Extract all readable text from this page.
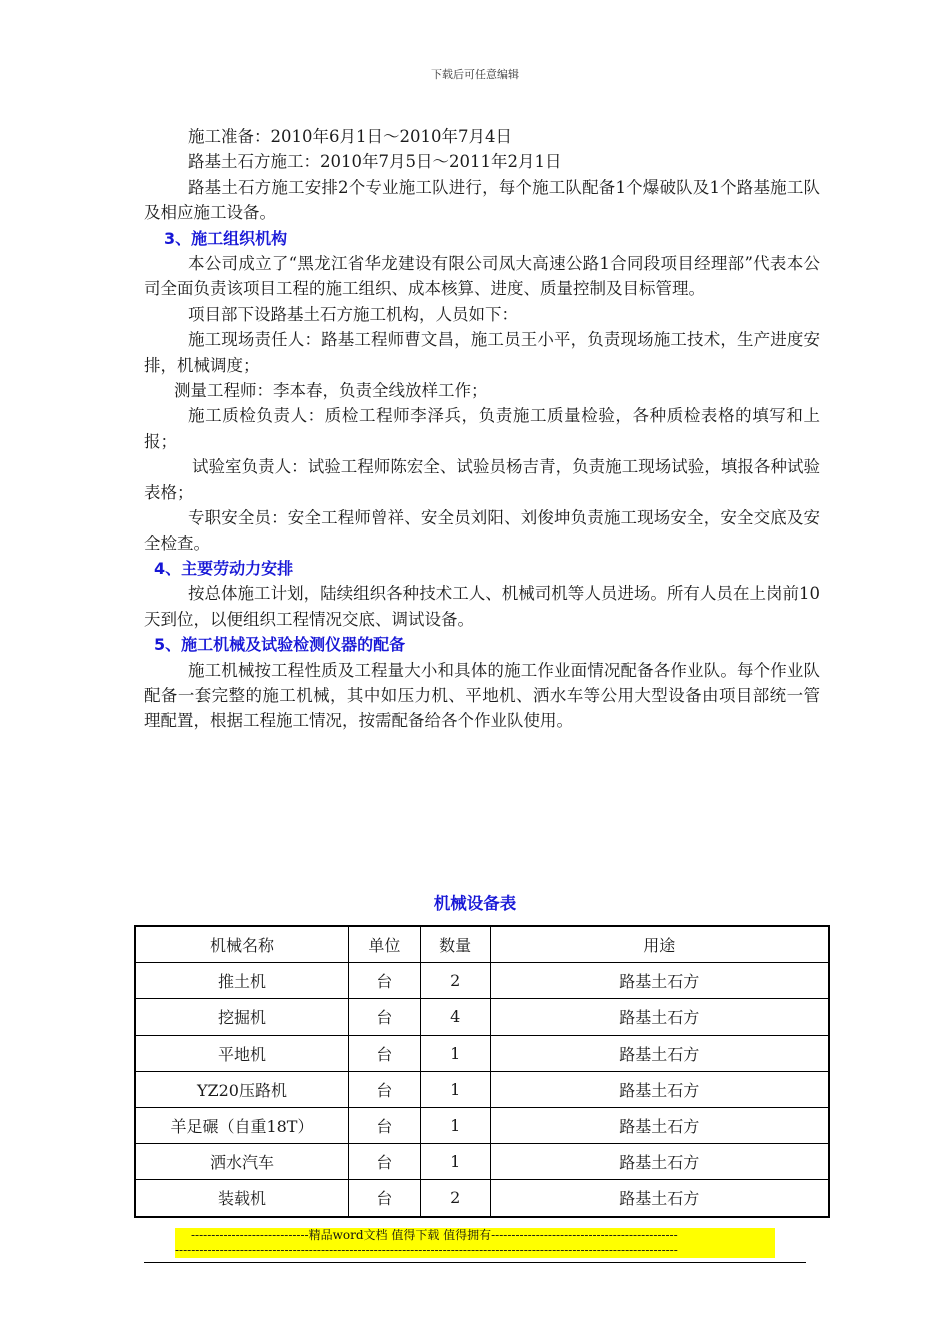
下载后可任意编辑

施工准备：2010年6月1日～2010年7月4日

路基土石方施工：2010年7月5日～2011年2月1日

路基土石方施工安排2个专业施工队进行，每个施工队配备1个爆破队及1个路基施工队及相应施工设备。

3、施工组织机构

本公司成立了“黑龙江省华龙建设有限公司凤大高速公路1合同段项目经理部”代表本公司全面负责该项目工程的施工组织、成本核算、进度、质量控制及目标管理。

项目部下设路基土石方施工机构，人员如下：

施工现场责任人：路基工程师曹文昌，施工员王小平，负责现场施工技术，生产进度安排，机械调度；

测量工程师：李本春，负责全线放样工作；

施工质检负责人：质检工程师李泽兵，负责施工质量检验，各种质检表格的填写和上报；

试验室负责人：试验工程师陈宏全、试验员杨吉青，负责施工现场试验，填报各种试验表格；

专职安全员：安全工程师曾祥、安全员刘阳、刘俊坤负责施工现场安全，安全交底及安全检查。

4、主要劳动力安排

按总体施工计划，陆续组织各种技术工人、机械司机等人员进场。所有人员在上岗前10天到位，以便组织工程情况交底、调试设备。

5、施工机械及试验检测仪器的配备

施工机械按工程性质及工程量大小和具体的施工作业面情况配备各作业队。每个作业队配备一套完整的施工机械，其中如压力机、平地机、洒水车等公用大型设备由项目部统一管理配置，根据工程施工情况，按需配备给各个作业队使用。

机械设备表
机械名称	单位	数量	用途
推土机	台	2	路基土石方
挖掘机	台	4	路基土石方
平地机	台	1	路基土石方
YZ20压路机	台	1	路基土石方
羊足碾（自重18T）	台	1	路基土石方
洒水汽车	台	1	路基土石方
装载机	台	2	路基土石方
-----------------------------精品word文档 值得下载 值得拥有----------------------------------------------
----------------------------------------------------------------------------------------------------------------------------
